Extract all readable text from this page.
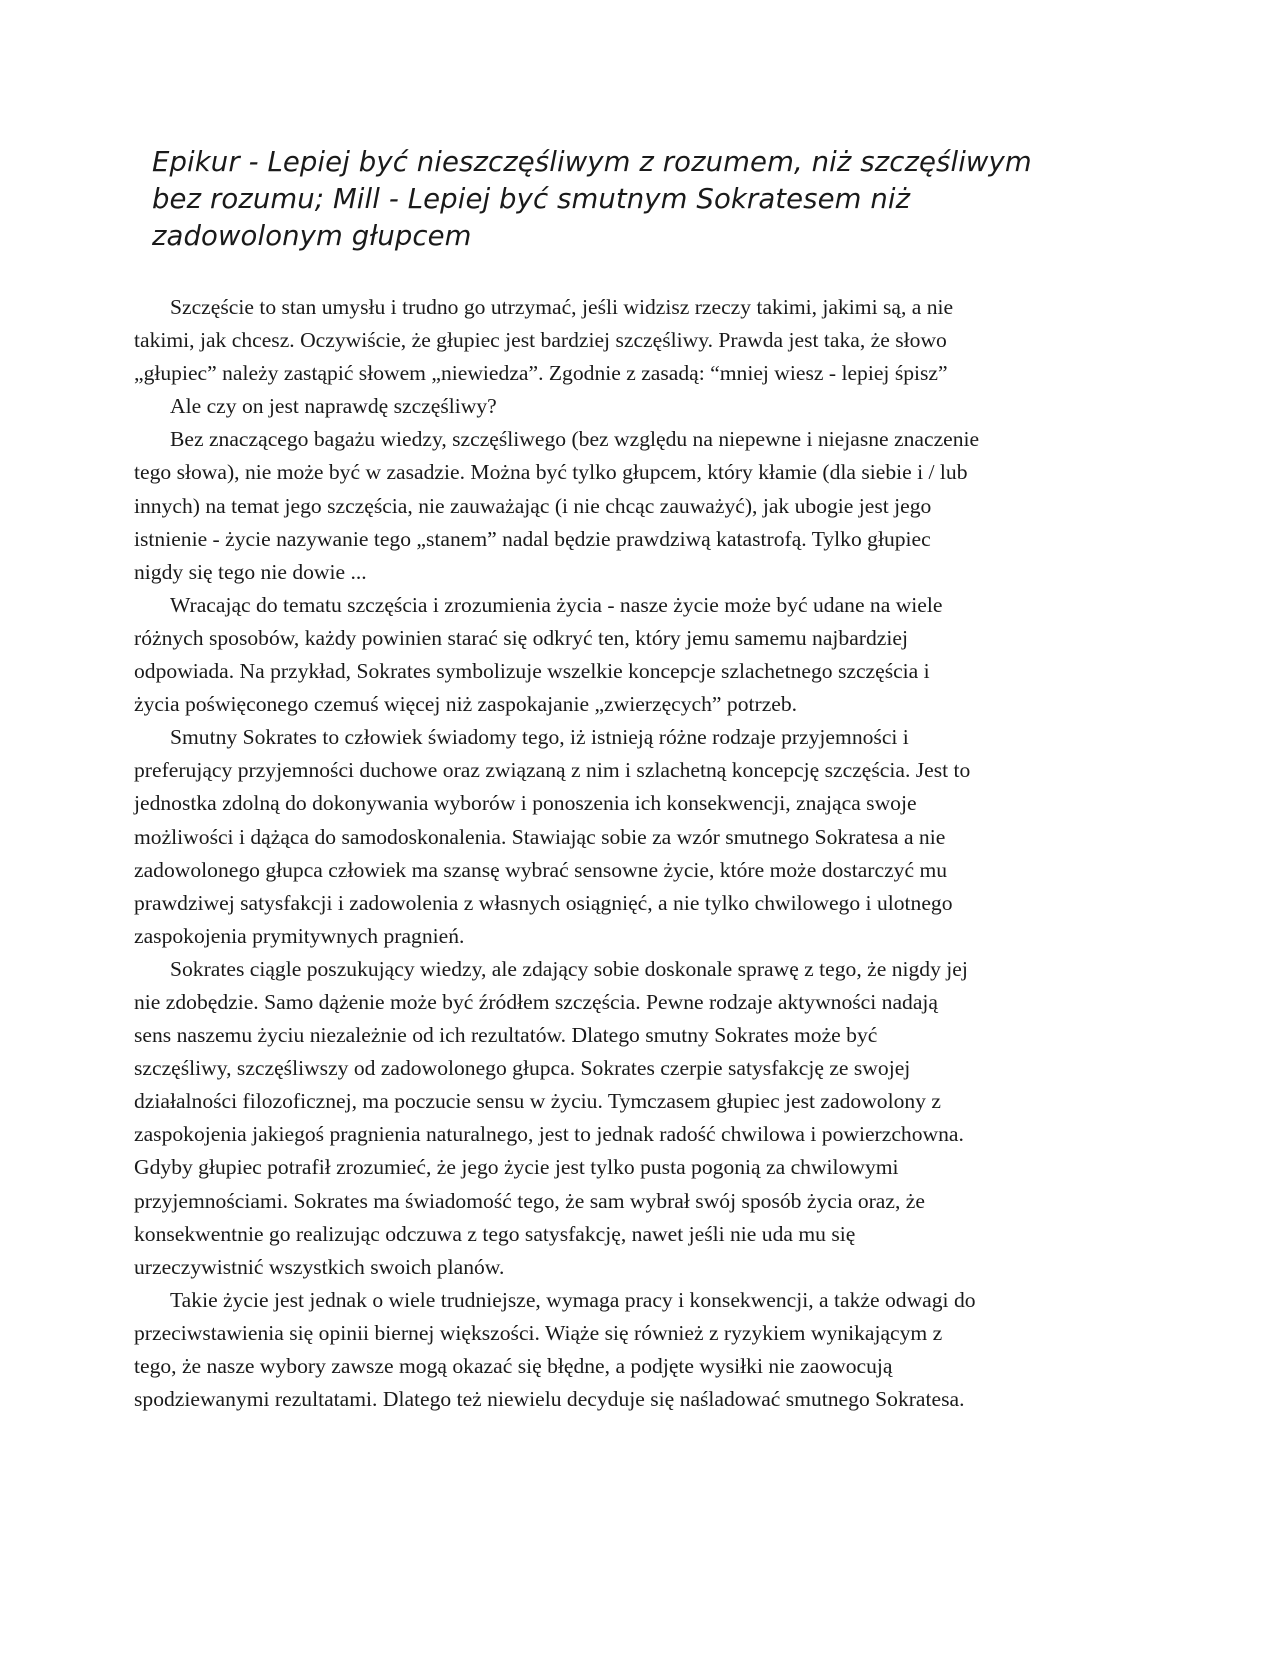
Epikur - Lepiej być nieszczęśliwym z rozumem, niż szczęśliwym
bez rozumu; Mill - Lepiej być smutnym Sokratesem niż
zadowolonym głupcem

Szczęście to stan umysłu i trudno go utrzymać, jeśli widzisz rzeczy takimi, jakimi są, a nie
takimi, jak chcesz. Oczywiście, że głupiec jest bardziej szczęśliwy. Prawda jest taka, że słowo
„głupiec” należy zastąpić słowem „niewiedza”. Zgodnie z zasadą: “mniej wiesz - lepiej śpisz”

Ale czy on jest naprawdę szczęśliwy?

Bez znaczącego bagażu wiedzy, szczęśliwego (bez względu na niepewne i niejasne znaczenie
tego słowa), nie może być w zasadzie. Można być tylko głupcem, który kłamie (dla siebie i / lub
innych) na temat jego szczęścia, nie zauważając (i nie chcąc zauważyć), jak ubogie jest jego
istnienie - życie nazywanie tego „stanem” nadal będzie prawdziwą katastrofą. Tylko głupiec
nigdy się tego nie dowie ...

Wracając do tematu szczęścia i zrozumienia życia - nasze życie może być udane na wiele
różnych sposobów, każdy powinien starać się odkryć ten, który jemu samemu najbardziej
odpowiada. Na przykład, Sokrates symbolizuje wszelkie koncepcje szlachetnego szczęścia i
życia poświęconego czemuś więcej niż zaspokajanie „zwierzęcych” potrzeb.

Smutny Sokrates to człowiek świadomy tego, iż istnieją różne rodzaje przyjemności i
preferujący przyjemności duchowe oraz związaną z nim i szlachetną koncepcję szczęścia. Jest to
jednostka zdolną do dokonywania wyborów i ponoszenia ich konsekwencji, znająca swoje
możliwości i dążąca do samodoskonalenia. Stawiając sobie za wzór smutnego Sokratesa a nie
zadowolonego głupca człowiek ma szansę wybrać sensowne życie, które może dostarczyć mu
prawdziwej satysfakcji i zadowolenia z własnych osiągnięć, a nie tylko chwilowego i ulotnego
zaspokojenia prymitywnych pragnień.

Sokrates ciągle poszukujący wiedzy, ale zdający sobie doskonale sprawę z tego, że nigdy jej
nie zdobędzie. Samo dążenie może być źródłem szczęścia. Pewne rodzaje aktywności nadają
sens naszemu życiu niezależnie od ich rezultatów. Dlatego smutny Sokrates może być
szczęśliwy, szczęśliwszy od zadowolonego głupca. Sokrates czerpie satysfakcję ze swojej
działalności filozoficznej, ma poczucie sensu w życiu. Tymczasem głupiec jest zadowolony z
zaspokojenia jakiegoś pragnienia naturalnego, jest to jednak radość chwilowa i powierzchowna.
Gdyby głupiec potrafił zrozumieć, że jego życie jest tylko pusta pogonią za chwilowymi
przyjemnościami. Sokrates ma świadomość tego, że sam wybrał swój sposób życia oraz, że
konsekwentnie go realizując odczuwa z tego satysfakcję, nawet jeśli nie uda mu się
urzeczywistnić wszystkich swoich planów.

Takie życie jest jednak o wiele trudniejsze, wymaga pracy i konsekwencji, a także odwagi do
przeciwstawienia się opinii biernej większości. Wiąże się również z ryzykiem wynikającym z
tego, że nasze wybory zawsze mogą okazać się błędne, a podjęte wysiłki nie zaowocują
spodziewanymi rezultatami. Dlatego też niewielu decyduje się naśladować smutnego Sokratesa.
